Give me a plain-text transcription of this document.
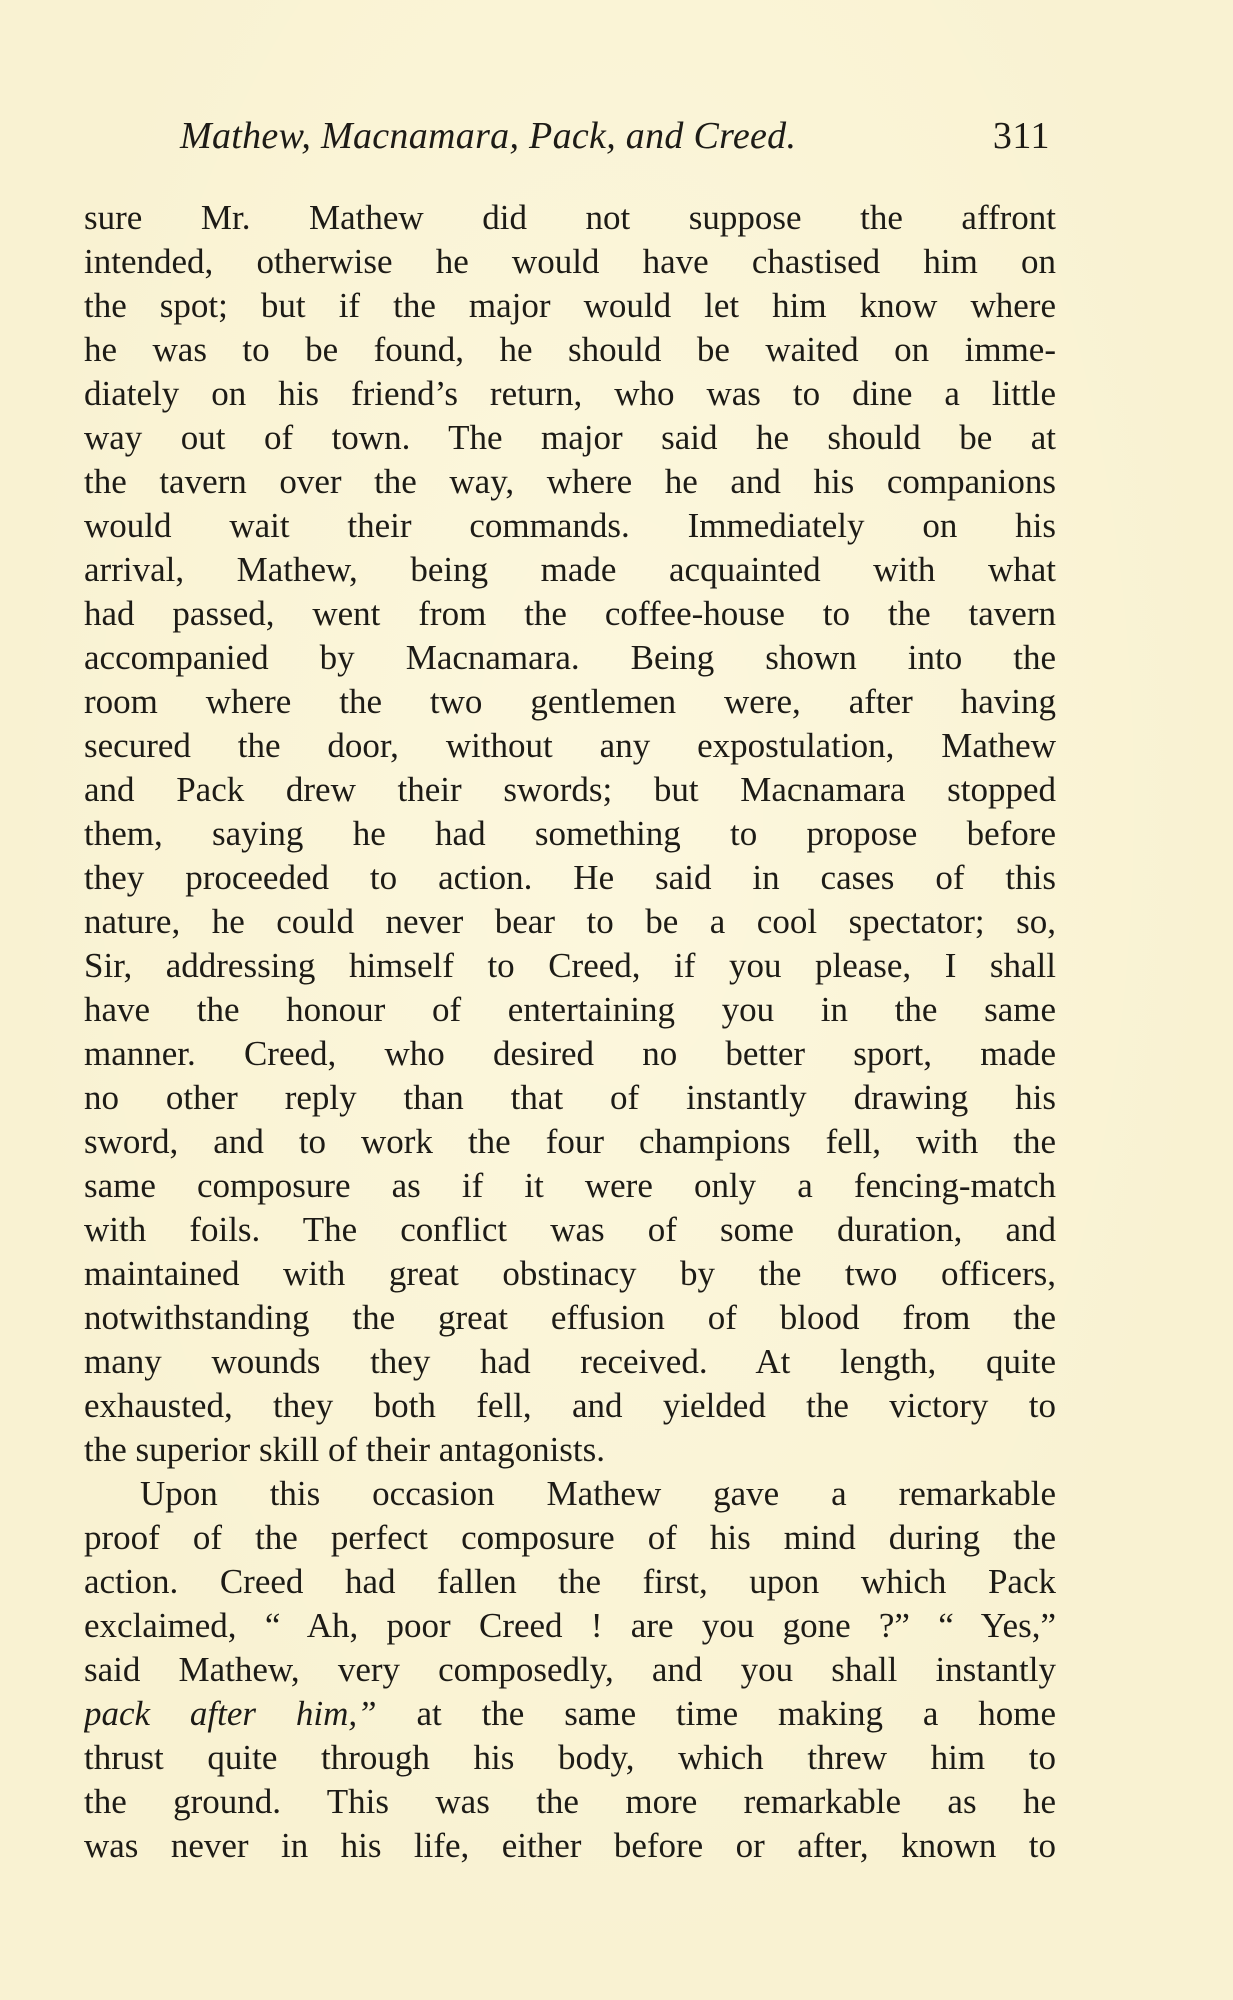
Mathew, Macnamara, Pack, and Creed.	311
sure Mr. Mathew did not suppose the affront
intended, otherwise he would have chastised him on
the spot; but if the major would let him know where
he was to be found, he should be waited on imme-
diately on his friend’s return, who was to dine a little
way out of town. The major said he should be at
the tavern over the way, where he and his companions
would wait their commands. Immediately on his
arrival, Mathew, being made acquainted with what
had passed, went from the coffee-house to the tavern
accompanied by Macnamara. Being shown into the
room where the two gentlemen were, after having
secured the door, without any expostulation, Mathew
and Pack drew their swords; but Macnamara stopped
them, saying he had something to propose before
they proceeded to action. He said in cases of this
nature, he could never bear to be a cool spectator; so,
Sir, addressing himself to Creed, if you please, I shall
have the honour of entertaining you in the same
manner. Creed, who desired no better sport, made
no other reply than that of instantly drawing his
sword, and to work the four champions fell, with the
same composure as if it were only a fencing-match
with foils. The conflict was of some duration, and
maintained with great obstinacy by the two officers,
notwithstanding the great effusion of blood from the
many wounds they had received. At length, quite
exhausted, they both fell, and yielded the victory to
the superior skill of their antagonists.
Upon this occasion Mathew gave a remarkable
proof of the perfect composure of his mind during the
action. Creed had fallen the first, upon which Pack
exclaimed, “ Ah, poor Creed ! are you gone ?” “ Yes,”
said Mathew, very composedly, and you shall instantly
pack after him,” at the same time making a home
thrust quite through his body, which threw him to
the ground. This was the more remarkable as he
was never in his life, either before or after, known to
